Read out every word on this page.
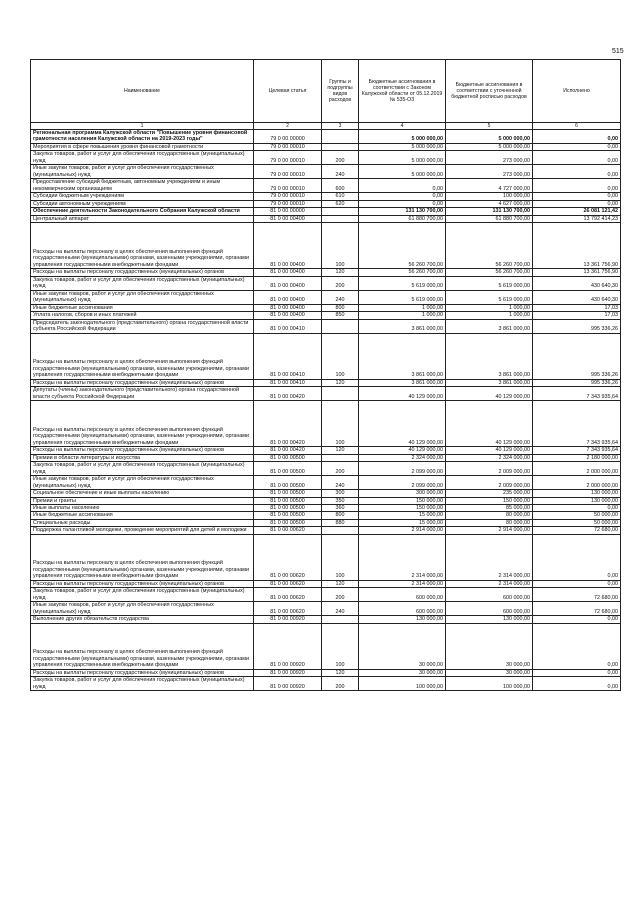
515
Наименование	Целевая статья	Группы и подгруппы видов расходов	Бюджетные ассигнования в соответствии с Законом Калужской области от 05.12.2019 № 535-ОЗ	Бюджетные ассигнования в соответствии с уточненной бюджетной росписью расходов	Исполнено
1	2	3	4	5	6
Региональная программа Калужской области "Повышение уровня финансовой грамотности населения Калужской области на 2019-2023 годы"	79 0 00 00000		5 000 000,00	5 000 000,00	0,00
Мероприятия в сфере повышения уровня финансовой грамотности	79 0 00 00010		5 000 000,00	5 000 000,00	0,00
Закупка товаров, работ и услуг для обеспечения государственных (муниципальных) нужд	79 0 00 00010	200	5 000 000,00	273 000,00	0,00
Иные закупки товаров, работ и услуг для обеспечения государственных (муниципальных) нужд	79 0 00 00010	240	5 000 000,00	273 000,00	0,00
Предоставление субсидий бюджетным, автономным учреждениям и иным некоммерческим организациям	79 0 00 00010	600	0,00	4 727 000,00	0,00
Субсидии бюджетным учреждениям	79 0 00 00010	610	0,00	100 000,00	0,00
Субсидии автономным учреждениям	79 0 00 00010	620	0,00	4 627 000,00	0,00
Обеспечение деятельности Законодательного Собрания Калужской области	81 0 00 00000		131 130 700,00	131 130 700,00	26 081 121,42
Центральный аппарат	81 0 00 00400		61 880 700,00	61 880 700,00	13 792 414,23
Расходы на выплаты персоналу в целях обеспечения выполнения функций государственными (муниципальными) органами, казенными учреждениями, органами управления государственными внебюджетными фондами	81 0 00 00400	100	56 260 700,00	56 260 700,00	13 361 756,90
Расходы на выплаты персоналу государственных (муниципальных) органов	81 0 00 00400	120	56 260 700,00	56 260 700,00	13 361 756,90
Закупка товаров, работ и услуг для обеспечения государственных (муниципальных) нужд	81 0 00 00400	200	5 619 000,00	5 619 000,00	430 640,30
Иные закупки товаров, работ и услуг для обеспечения государственных (муниципальных) нужд	81 0 00 00400	240	5 619 000,00	5 619 000,00	430 640,30
Иные бюджетные ассигнования	81 0 00 00400	800	1 000,00	1 000,00	17,03
Уплата налогов, сборов и иных платежей	81 0 00 00400	850	1 000,00	1 000,00	17,03
Председатель законодательного (представительного) органа государственной власти субъекта Российской Федерации	81 0 00 00410		3 861 000,00	3 861 000,00	995 336,26
Расходы на выплаты персоналу в целях обеспечения выполнения функций государственными (муниципальными) органами, казенными учреждениями, органами управления государственными внебюджетными фондами	81 0 00 00410	100	3 861 000,00	3 861 000,00	995 336,26
Расходы на выплаты персоналу государственных (муниципальных) органов	81 0 00 00410	120	3 861 000,00	3 861 000,00	995 336,26
Депутаты (члены) законодательного (представительного) органа государственной власти субъекта Российской Федерации	81 0 00 00420		40 129 000,00	40 129 000,00	7 343 935,64
Расходы на выплаты персоналу в целях обеспечения выполнения функций государственными (муниципальными) органами, казенными учреждениями, органами управления государственными внебюджетными фондами	81 0 00 00420	100	40 129 000,00	40 129 000,00	7 343 935,64
Расходы на выплаты персоналу государственных (муниципальных) органов	81 0 00 00420	120	40 129 000,00	40 129 000,00	7 343 935,64
Премии в области литературы и искусства	81 0 00 00500		2 324 000,00	2 324 000,00	2 180 000,00
Закупка товаров, работ и услуг для обеспечения государственных (муниципальных) нужд	81 0 00 00500	200	2 099 000,00	2 009 000,00	2 000 000,00
Иные закупки товаров, работ и услуг для обеспечения государственных (муниципальных) нужд	81 0 00 00500	240	2 099 000,00	2 009 000,00	2 000 000,00
Социальное обеспечение и иные выплаты населению	81 0 00 00500	300	300 000,00	235 000,00	130 000,00
Премии и гранты	81 0 00 00500	350	150 000,00	150 000,00	130 000,00
Иные выплаты населению	81 0 00 00500	360	150 000,00	85 000,00	0,00
Иные бюджетные ассигнования	81 0 00 00500	800	15 000,00	80 000,00	50 000,00
Специальные расходы	81 0 00 00500	880	15 000,00	80 000,00	50 000,00
Поддержка талантливой молодежи, проведение мероприятий для детей и молодежи	81 0 00 00620		2 914 000,00	2 914 000,00	72 680,00
Расходы на выплаты персоналу в целях обеспечения выполнения функций государственными (муниципальными) органами, казенными учреждениями, органами управления государственными внебюджетными фондами	81 0 00 00620	100	2 314 000,00	2 314 000,00	0,00
Расходы на выплаты персоналу государственных (муниципальных) органов	81 0 00 00620	120	2 314 000,00	2 314 000,00	0,00
Закупка товаров, работ и услуг для обеспечения государственных (муниципальных) нужд	81 0 00 00620	200	600 000,00	600 000,00	72 680,00
Иные закупки товаров, работ и услуг для обеспечения государственных (муниципальных) нужд	81 0 00 00620	240	600 000,00	600 000,00	72 680,00
Выполнение других обязательств государства	81 0 00 00920		130 000,00	130 000,00	0,00
Расходы на выплаты персоналу в целях обеспечения выполнения функций государственными (муниципальными) органами, казенными учреждениями, органами управления государственными внебюджетными фондами	81 0 00 00920	100	30 000,00	30 000,00	0,00
Расходы на выплаты персоналу государственных (муниципальных) органов	81 0 00 00920	120	30 000,00	30 000,00	0,00
Закупка товаров, работ и услуг для обеспечения государственных (муниципальных) нужд	81 0 00 00920	200	100 000,00	100 000,00	0,00
